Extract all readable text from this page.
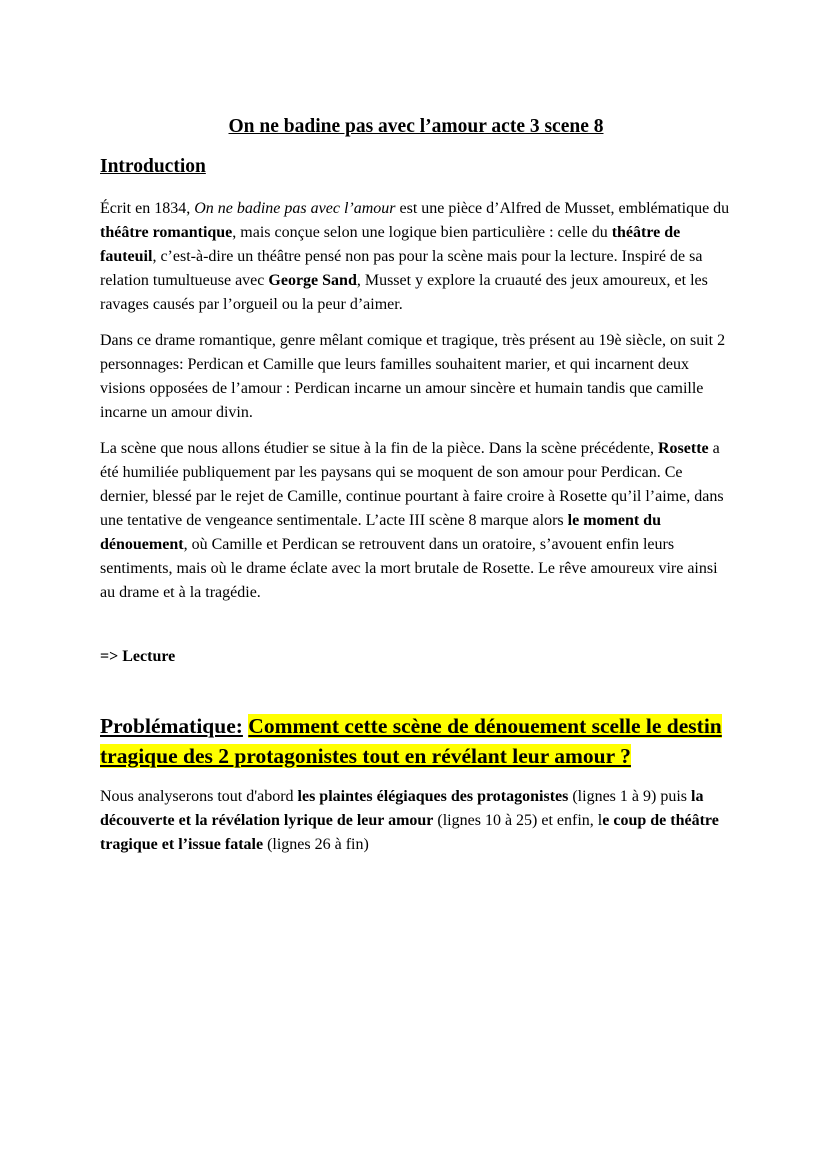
On ne badine pas avec l’amour acte 3 scene 8
Introduction

Écrit en 1834, On ne badine pas avec l’amour est une pièce d’Alfred de Musset, emblématique du théâtre romantique, mais conçue selon une logique bien particulière : celle du théâtre de fauteuil, c’est-à-dire un théâtre pensé non pas pour la scène mais pour la lecture. Inspiré de sa relation tumultueuse avec George Sand, Musset y explore la cruauté des jeux amoureux, et les ravages causés par l’orgueil ou la peur d’aimer.

Dans ce drame romantique, genre mêlant comique et tragique, très présent au 19è siècle, on suit 2 personnages: Perdican et Camille que leurs familles souhaitent marier, et qui incarnent deux visions opposées de l’amour : Perdican incarne un amour sincère et humain tandis que camille incarne un amour divin.

La scène que nous allons étudier se situe à la fin de la pièce. Dans la scène précédente, Rosette a été humiliée publiquement par les paysans qui se moquent de son amour pour Perdican. Ce dernier, blessé par le rejet de Camille, continue pourtant à faire croire à Rosette qu’il l’aime, dans une tentative de vengeance sentimentale. L’acte III scène 8 marque alors le moment du dénouement, où Camille et Perdican se retrouvent dans un oratoire, s’avouent enfin leurs sentiments, mais où le drame éclate avec la mort brutale de Rosette. Le rêve amoureux vire ainsi au drame et à la tragédie.

=> Lecture

Problématique: Comment cette scène de dénouement scelle le destin tragique des 2 protagonistes tout en révélant leur amour ?

Nous analyserons tout d'abord les plaintes élégiaques des protagonistes (lignes 1 à 9) puis la découverte et la révélation lyrique de leur amour (lignes 10 à 25) et enfin, le coup de théâtre tragique et l’issue fatale (lignes 26 à fin)
